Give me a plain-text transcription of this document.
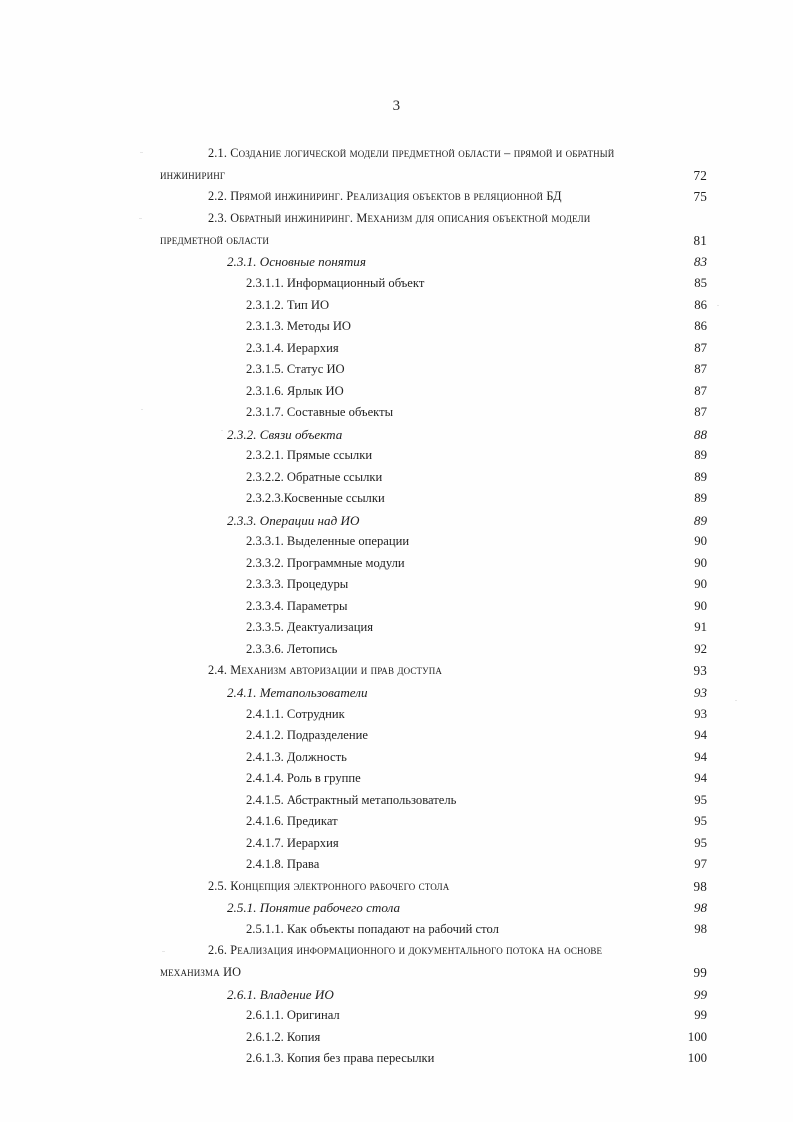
3
2.1. Создание логической модели предметной области – прямой и обратный
инжиниринг	72
2.2. Прямой инжиниринг. Реализация объектов в реляционной БД	75
2.3. Обратный инжиниринг. Механизм для описания объектной модели
предметной области	81
2.3.1. Основные понятия	83
2.3.1.1. Информационный объект	85
2.3.1.2. Тип ИО	86
2.3.1.3. Методы ИО	86
2.3.1.4. Иерархия	87
2.3.1.5. Статус ИО	87
2.3.1.6. Ярлык ИО	87
2.3.1.7. Составные объекты	87
2.3.2. Связи объекта	88
2.3.2.1. Прямые ссылки	89
2.3.2.2. Обратные ссылки	89
2.3.2.3.Косвенные ссылки	89
2.3.3. Операции над ИО	89
2.3.3.1. Выделенные операции	90
2.3.3.2. Программные модули	90
2.3.3.3. Процедуры	90
2.3.3.4. Параметры	90
2.3.3.5. Деактуализация	91
2.3.3.6. Летопись	92
2.4. Механизм авторизации и прав доступа	93
2.4.1. Метапользователи	93
2.4.1.1. Сотрудник	93
2.4.1.2. Подразделение	94
2.4.1.3. Должность	94
2.4.1.4. Роль в группе	94
2.4.1.5. Абстрактный метапользователь	95
2.4.1.6. Предикат	95
2.4.1.7. Иерархия	95
2.4.1.8. Права	97
2.5. Концепция электронного рабочего стола	98
2.5.1. Понятие рабочего стола	98
2.5.1.1. Как объекты попадают на рабочий стол	98
2.6. Реализация информационного и документального потока на основе
механизма ИО	99
2.6.1. Владение ИО	99
2.6.1.1. Оригинал	99
2.6.1.2. Копия	100
2.6.1.3. Копия без права пересылки	100
